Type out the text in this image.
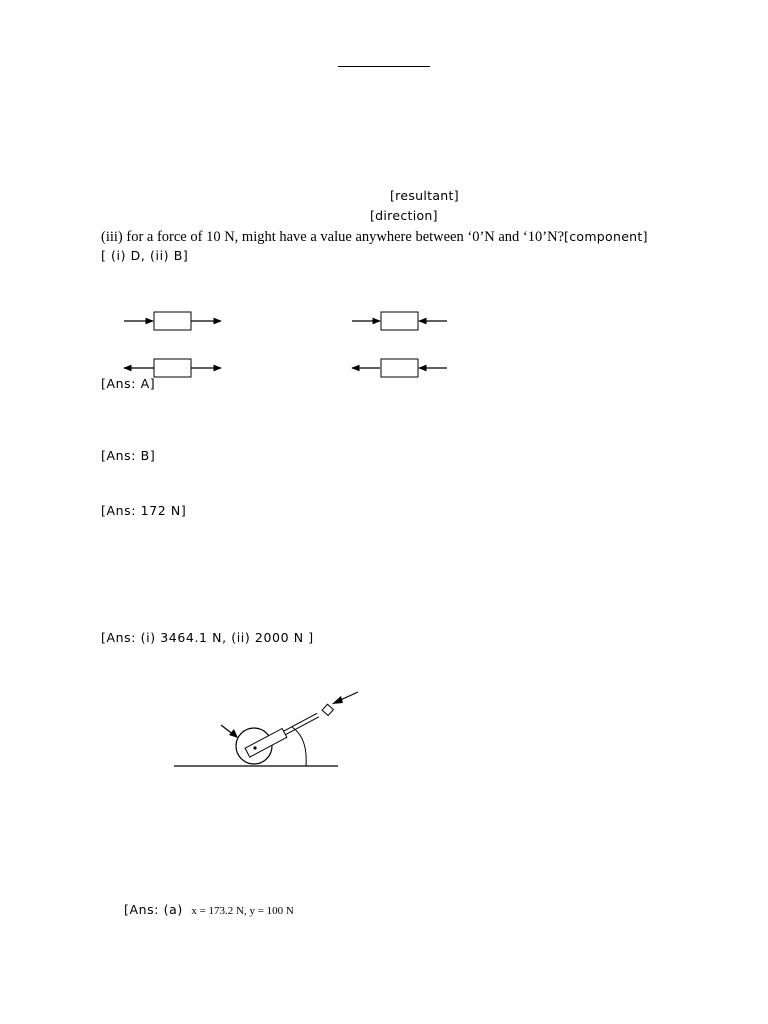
[resultant]
[direction]
(iii) for a force of 10 N, might have a value anywhere between ‘0’N and ‘10’N?[component]
[ (i) D, (ii) B]
[Ans: A]
[Ans: B]
[Ans: 172 N]
[Ans: (i) 3464.1 N, (ii) 2000 N ]
[Ans: (a) x = 173.2 N, y = 100 N
